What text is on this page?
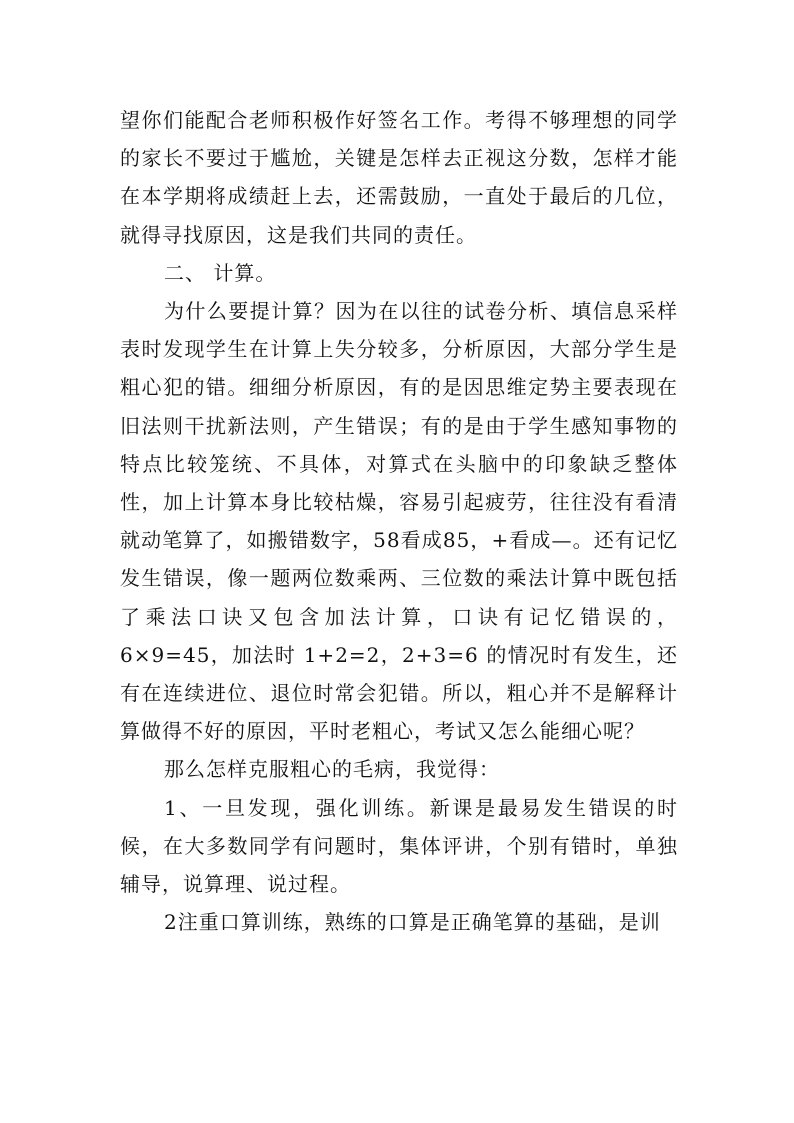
望你们能配合老师积极作好签名工作。考得不够理想的同学的家长不要过于尴尬，关键是怎样去正视这分数，怎样才能在本学期将成绩赶上去，还需鼓励，一直处于最后的几位，就得寻找原因，这是我们共同的责任。

二、 计算。

为什么要提计算？因为在以往的试卷分析、填信息采样表时发现学生在计算上失分较多，分析原因，大部分学生是粗心犯的错。细细分析原因，有的是因思维定势主要表现在旧法则干扰新法则，产生错误；有的是由于学生感知事物的特点比较笼统、不具体，对算式在头脑中的印象缺乏整体性，加上计算本身比较枯燥，容易引起疲劳，往往没有看清就动笔算了，如搬错数字，58看成85，+看成—。还有记忆发生错误，像一题两位数乘两、三位数的乘法计算中既包括了乘法口诀又包含加法计算，口诀有记忆错误的，6×9=45，加法时 1+2=2，2+3=6 的情况时有发生，还有在连续进位、退位时常会犯错。所以，粗心并不是解释计算做得不好的原因，平时老粗心，考试又怎么能细心呢？

那么怎样克服粗心的毛病，我觉得：

1、一旦发现，强化训练。新课是最易发生错误的时候，在大多数同学有问题时，集体评讲，个别有错时，单独辅导，说算理、说过程。

2注重口算训练，熟练的口算是正确笔算的基础，是训
